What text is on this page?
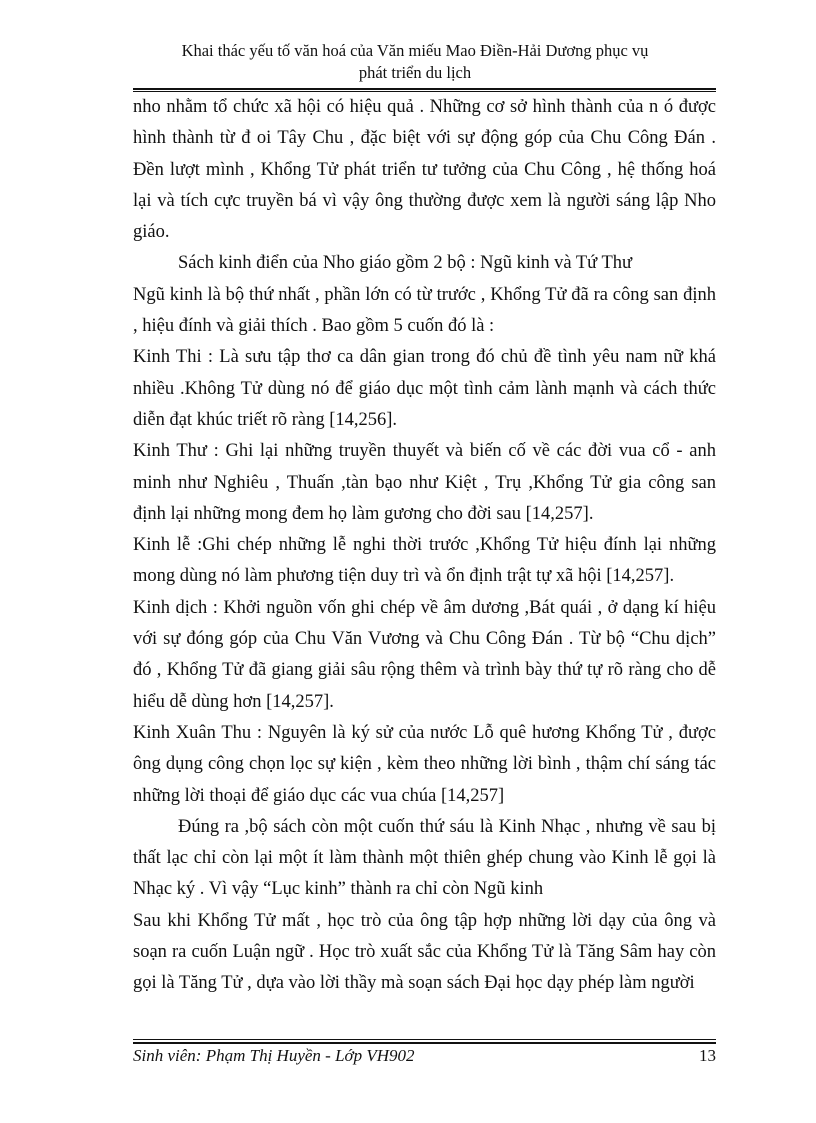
Khai thác yếu tố văn hoá của Văn miếu Mao Điền-Hải Dương phục vụ
phát triển du lịch

nho nhằm tổ chức xã hội có hiệu quả . Những cơ sở hình thành của n ó được hình thành từ đ oi Tây Chu , đặc biệt với sự động góp của Chu Công Đán . Đền lượt mình , Khổng Tử phát triển tư tưởng của Chu Công , hệ thống hoá lại và tích cực truyền bá vì vậy ông thường được xem là người sáng lập Nho giáo.

Sách kinh điển của Nho giáo gồm 2 bộ : Ngũ kinh và Tứ Thư

Ngũ kinh là bộ thứ nhất , phần lớn có từ trước , Khổng Tử đã ra công san định , hiệu đính và giải thích . Bao gồm 5 cuốn đó là :

Kinh Thi : Là sưu tập thơ ca dân gian trong đó chủ đề tình yêu nam nữ khá nhiều .Không Tử dùng nó để giáo dục một tình cảm lành mạnh và cách thức diễn đạt khúc triết rõ ràng [14,256].

Kinh Thư : Ghi lại những truyền thuyết và biến cố về các đời vua cổ - anh minh như Nghiêu , Thuấn ,tàn bạo như Kiệt , Trụ ,Khổng Tử gia công san định lại những mong đem họ làm gương cho đời sau [14,257].

Kinh lễ :Ghi chép những lễ nghi thời trước ,Khổng Tử hiệu đính lại những mong dùng nó làm phương tiện duy trì và ổn định trật tự xã hội [14,257].

Kinh dịch : Khởi nguồn vốn ghi chép về âm dương ,Bát quái , ở dạng kí hiệu với sự đóng góp của Chu Văn Vương và Chu Công Đán . Từ bộ “Chu dịch” đó , Khổng Tử đã giang giải sâu rộng thêm và trình bày thứ tự rõ ràng cho dễ hiểu dễ dùng hơn [14,257].

Kinh Xuân Thu : Nguyên là ký sử của nước Lỗ quê hương Khổng Tử , được ông dụng công chọn lọc sự kiện , kèm theo những lời bình , thậm chí sáng tác những lời thoại để giáo dục các vua chúa [14,257]

Đúng ra ,bộ sách còn một cuốn thứ sáu là Kinh Nhạc , nhưng về sau bị thất lạc chỉ còn lại một ít làm thành một thiên ghép chung vào Kinh lễ gọi là Nhạc ký . Vì vậy “Lục kinh” thành ra chỉ còn Ngũ kinh

Sau khi Khổng Tử mất , học trò của ông tập hợp những lời dạy của ông và soạn ra cuốn Luận ngữ . Học trò xuất sắc của Khổng Tử là Tăng Sâm hay còn gọi là Tăng Tử , dựa vào lời thầy mà soạn sách Đại học dạy phép làm người

Sinh viên: Phạm Thị Huyền - Lớp VH902	13
